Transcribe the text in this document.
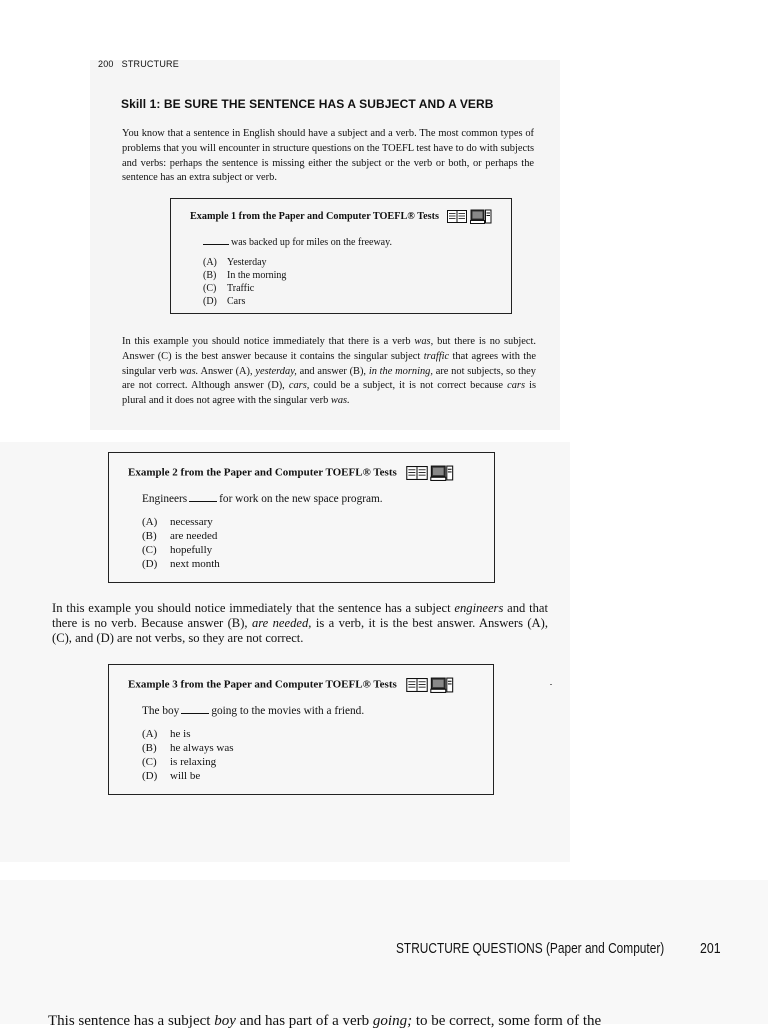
200 STRUCTURE
Skill 1: BE SURE THE SENTENCE HAS A SUBJECT AND A VERB
You know that a sentence in English should have a subject and a verb. The most common types of problems that you will encounter in structure questions on the TOEFL test have to do with subjects and verbs: perhaps the sentence is missing either the subject or the verb or both, or perhaps the sentence has an extra subject or verb.
Example 1 from the Paper and Computer TOEFL® Tests
was backed up for miles on the freeway.
(A) Yesterday
(B) In the morning
(C) Traffic
(D) Cars
In this example you should notice immediately that there is a verb was, but there is no subject. Answer (C) is the best answer because it contains the singular subject traffic that agrees with the singular verb was. Answer (A), yesterday, and answer (B), in the morning, are not subjects, so they are not correct. Although answer (D), cars, could be a subject, it is not correct because cars is plural and it does not agree with the singular verb was.
Example 2 from the Paper and Computer TOEFL® Tests
Engineers	for work on the new space program.
(A) necessary
(B) are needed
(C) hopefully
(D) next month
In this example you should notice immediately that the sentence has a subject engineers and that there is no verb. Because answer (B), are needed, is a verb, it is the best answer. Answers (A), (C), and (D) are not verbs, so they are not correct.
Example 3 from the Paper and Computer TOEFL® Tests
The boy	going to the movies with a friend.
(A) he is
(B) he always was
(C) is relaxing
(D) will be
STRUCTURE QUESTIONS (Paper and Computer) 201
This sentence has a subject boy and has part of a verb going; to be correct, some form of the
